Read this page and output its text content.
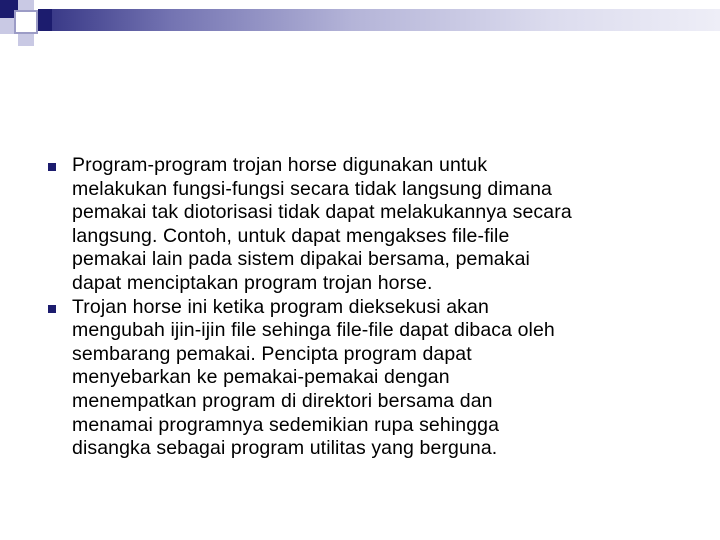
Program-program trojan horse digunakan untuk
melakukan fungsi-fungsi secara tidak langsung dimana
pemakai tak diotorisasi tidak dapat melakukannya secara
langsung. Contoh, untuk dapat mengakses file-file
pemakai lain pada sistem dipakai bersama, pemakai
dapat menciptakan program trojan horse.
Trojan horse ini ketika program dieksekusi akan
mengubah ijin-ijin file sehinga file-file dapat dibaca oleh
sembarang pemakai. Pencipta program dapat
menyebarkan ke pemakai-pemakai dengan
menempatkan program di direktori bersama dan
menamai programnya sedemikian rupa sehingga
disangka sebagai program utilitas yang berguna.
